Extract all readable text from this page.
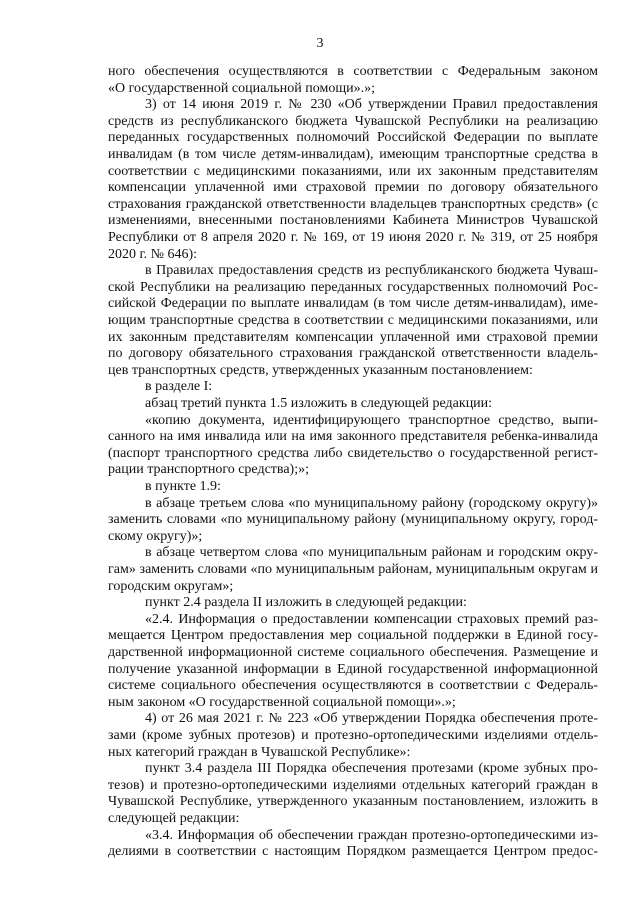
3

ного обеспечения осуществляются в соответствии с Федеральным законом

«О государственной социальной помощи».»;

3) от 14 июня 2019 г. № 230 «Об утверждении Правил предоставления

средств из республиканского бюджета Чувашской Республики на реализацию

переданных государственных полномочий Российской Федерации по выплате

инвалидам (в том числе детям-инвалидам), имеющим транспортные средства в

соответствии с медицинскими показаниями, или их законным представителям

компенсации уплаченной ими страховой премии по договору обязательного

страхования гражданской ответственности владельцев транспортных средств» (с

изменениями, внесенными постановлениями Кабинета Министров Чувашской

Республики от 8 апреля 2020 г. № 169, от 19 июня 2020 г. № 319, от 25 ноября

2020 г. № 646):

в Правилах предоставления средств из республиканского бюджета Чуваш-

ской Республики на реализацию переданных государственных полномочий Рос-

сийской Федерации по выплате инвалидам (в том числе детям-инвалидам), име-

ющим транспортные средства в соответствии с медицинскими показаниями, или

их законным представителям компенсации уплаченной ими страховой премии

по договору обязательного страхования гражданской ответственности владель-

цев транспортных средств, утвержденных указанным постановлением:

в разделе I:

абзац третий пункта 1.5 изложить в следующей редакции:

«копию документа, идентифицирующего транспортное средство, выпи-

санного на имя инвалида или на имя законного представителя ребенка-инвалида

(паспорт транспортного средства либо свидетельство о государственной регист-

рации транспортного средства);»;

в пункте 1.9:

в абзаце третьем слова «по муниципальному району (городскому округу)»

заменить словами «по муниципальному району (муниципальному округу, город-

скому округу)»;

в абзаце четвертом слова «по муниципальным районам и городским окру-

гам» заменить словами «по муниципальным районам, муниципальным округам и

городским округам»;

пункт 2.4 раздела II изложить в следующей редакции:

«2.4. Информация о предоставлении компенсации страховых премий раз-

мещается Центром предоставления мер социальной поддержки в Единой госу-

дарственной информационной системе социального обеспечения. Размещение и

получение указанной информации в Единой государственной информационной

системе социального обеспечения осуществляются в соответствии с Федераль-

ным законом «О государственной социальной помощи».»;

4) от 26 мая 2021 г. № 223 «Об утверждении Порядка обеспечения протe-

зами (кроме зубных протезов) и протезно-ортопедическими изделиями отдель-

ных категорий граждан в Чувашской Республике»:

пункт 3.4 раздела III Порядка обеспечения протезами (кроме зубных про-

тезов) и протезно-ортопедическими изделиями отдельных категорий граждан в

Чувашской Республике, утвержденного указанным постановлением, изложить в

следующей редакции:

«3.4. Информация об обеспечении граждан протезно-ортопедическими из-

делиями в соответствии с настоящим Порядком размещается Центром предос-
